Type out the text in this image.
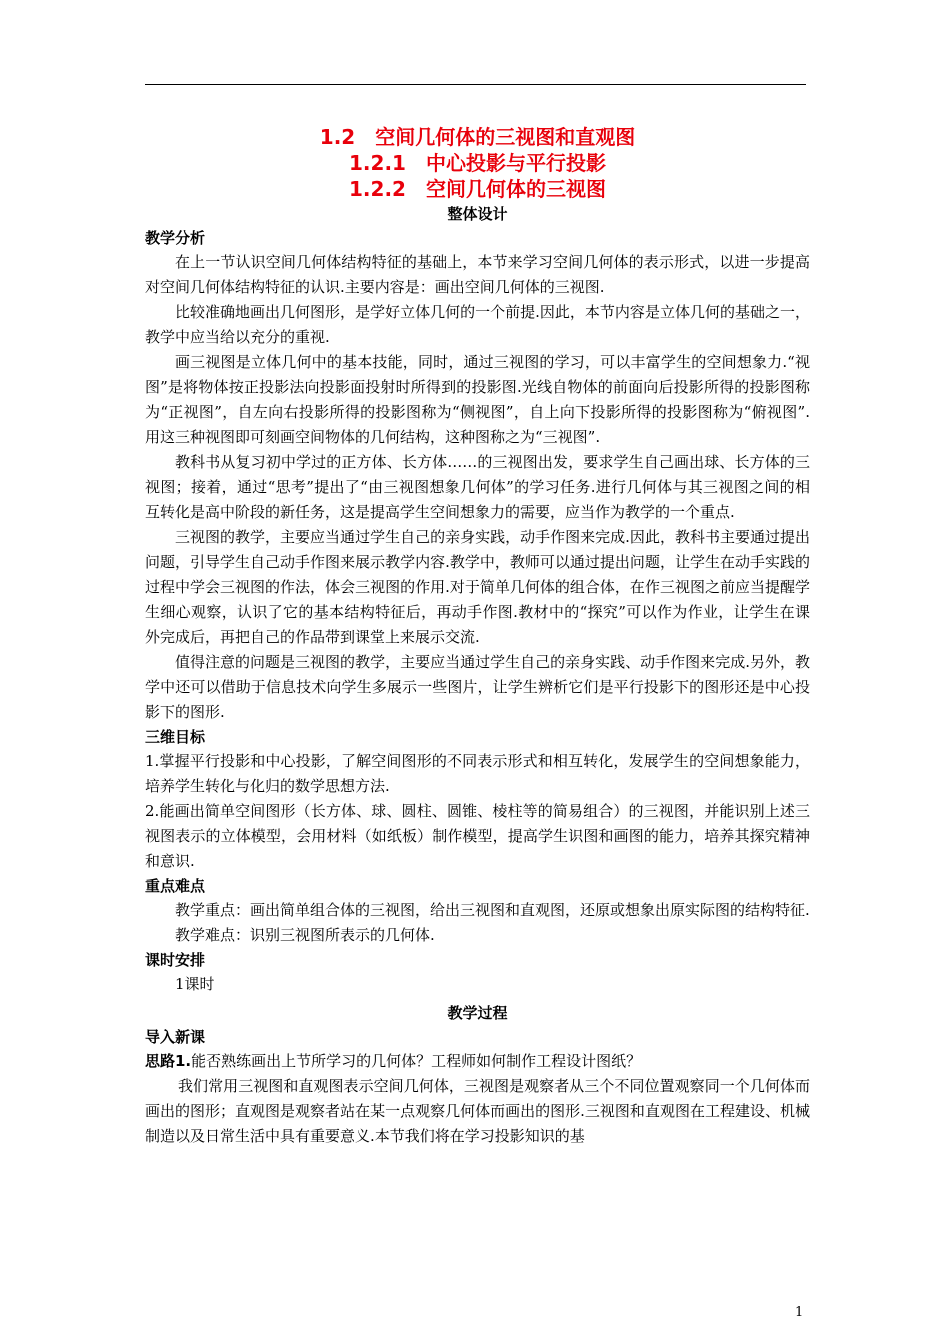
1.2　空间几何体的三视图和直观图
1.2.1　中心投影与平行投影
1.2.2　空间几何体的三视图
整体设计
教学分析

在上一节认识空间几何体结构特征的基础上，本节来学习空间几何体的表示形式，以进一步提高对空间几何体结构特征的认识.主要内容是：画出空间几何体的三视图.

比较准确地画出几何图形，是学好立体几何的一个前提.因此，本节内容是立体几何的基础之一，教学中应当给以充分的重视.

画三视图是立体几何中的基本技能，同时，通过三视图的学习，可以丰富学生的空间想象力.“视图”是将物体按正投影法向投影面投射时所得到的投影图.光线自物体的前面向后投影所得的投影图称为“正视图”，自左向右投影所得的投影图称为“侧视图”，自上向下投影所得的投影图称为“俯视图”.用这三种视图即可刻画空间物体的几何结构，这种图称之为“三视图”.

教科书从复习初中学过的正方体、长方体……的三视图出发，要求学生自己画出球、长方体的三视图；接着，通过“思考”提出了“由三视图想象几何体”的学习任务.进行几何体与其三视图之间的相互转化是高中阶段的新任务，这是提高学生空间想象力的需要，应当作为教学的一个重点.

三视图的教学，主要应当通过学生自己的亲身实践，动手作图来完成.因此，教科书主要通过提出问题，引导学生自己动手作图来展示教学内容.教学中，教师可以通过提出问题，让学生在动手实践的过程中学会三视图的作法，体会三视图的作用.对于简单几何体的组合体，在作三视图之前应当提醒学生细心观察，认识了它的基本结构特征后，再动手作图.教材中的“探究”可以作为作业，让学生在课外完成后，再把自己的作品带到课堂上来展示交流.

值得注意的问题是三视图的教学，主要应当通过学生自己的亲身实践、动手作图来完成.另外，教学中还可以借助于信息技术向学生多展示一些图片，让学生辨析它们是平行投影下的图形还是中心投影下的图形.

三维目标

1.掌握平行投影和中心投影，了解空间图形的不同表示形式和相互转化，发展学生的空间想象能力，培养学生转化与化归的数学思想方法.

2.能画出简单空间图形（长方体、球、圆柱、圆锥、棱柱等的简易组合）的三视图，并能识别上述三视图表示的立体模型，会用材料（如纸板）制作模型，提高学生识图和画图的能力，培养其探究精神和意识.

重点难点

教学重点：画出简单组合体的三视图，给出三视图和直观图，还原或想象出原实际图的结构特征.

教学难点：识别三视图所表示的几何体.

课时安排

1课时

教学过程
导入新课

思路1.能否熟练画出上节所学习的几何体？工程师如何制作工程设计图纸？

我们常用三视图和直观图表示空间几何体，三视图是观察者从三个不同位置观察同一个几何体而画出的图形；直观图是观察者站在某一点观察几何体而画出的图形.三视图和直观图在工程建设、机械制造以及日常生活中具有重要意义.本节我们将在学习投影知识的基

1
